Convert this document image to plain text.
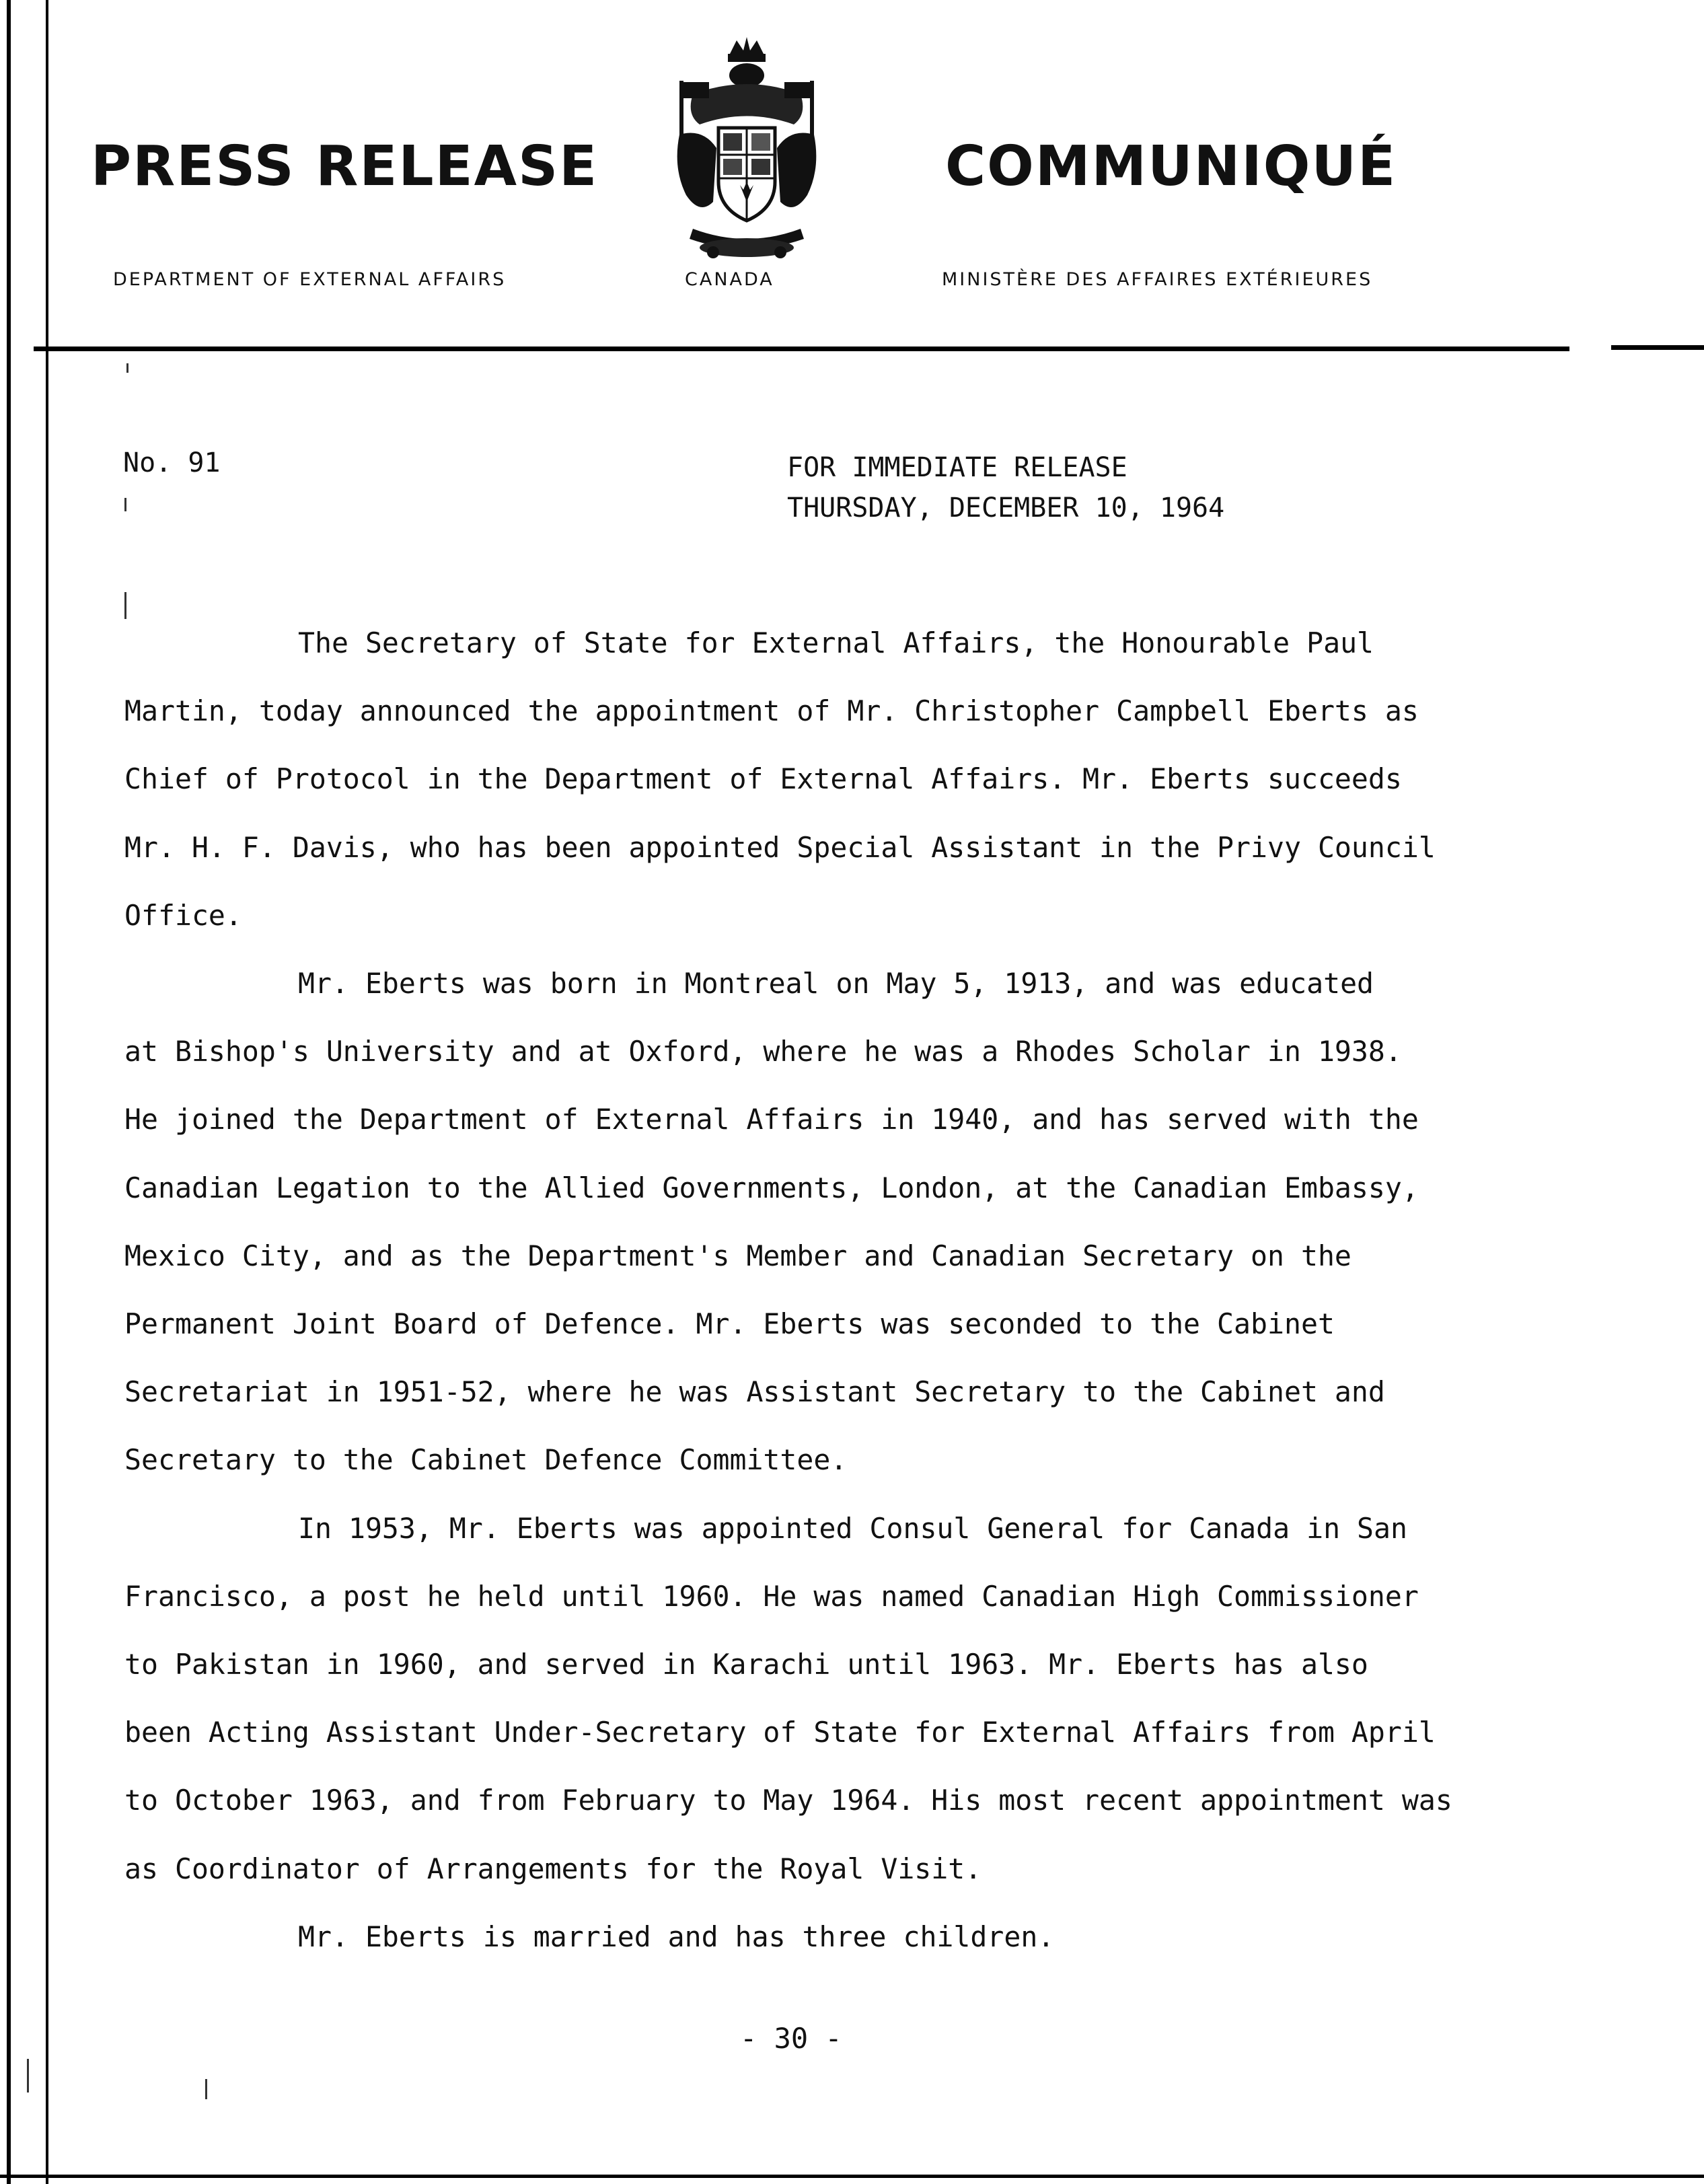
PRESS RELEASE	COMMUNIQUÉ
DEPARTMENT OF EXTERNAL AFFAIRS	CANADA	MINISTÈRE DES AFFAIRES EXTÉRIEURES
No. 91	FOR IMMEDIATE RELEASE
THURSDAY, DECEMBER 10, 1964

The Secretary of State for External Affairs, the Honourable Paul
Martin, today announced the appointment of Mr. Christopher Campbell Eberts as
Chief of Protocol in the Department of External Affairs. Mr. Eberts succeeds
Mr. H. F. Davis, who has been appointed Special Assistant in the Privy Council
Office.

Mr. Eberts was born in Montreal on May 5, 1913, and was educated
at Bishop's University and at Oxford, where he was a Rhodes Scholar in 1938.
He joined the Department of External Affairs in 1940, and has served with the
Canadian Legation to the Allied Governments, London, at the Canadian Embassy,
Mexico City, and as the Department's Member and Canadian Secretary on the
Permanent Joint Board of Defence. Mr. Eberts was seconded to the Cabinet
Secretariat in 1951-52, where he was Assistant Secretary to the Cabinet and
Secretary to the Cabinet Defence Committee.

In 1953, Mr. Eberts was appointed Consul General for Canada in San
Francisco, a post he held until 1960. He was named Canadian High Commissioner
to Pakistan in 1960, and served in Karachi until 1963. Mr. Eberts has also
been Acting Assistant Under-Secretary of State for External Affairs from April
to October 1963, and from February to May 1964. His most recent appointment was
as Coordinator of Arrangements for the Royal Visit.

Mr. Eberts is married and has three children.

- 30 -
